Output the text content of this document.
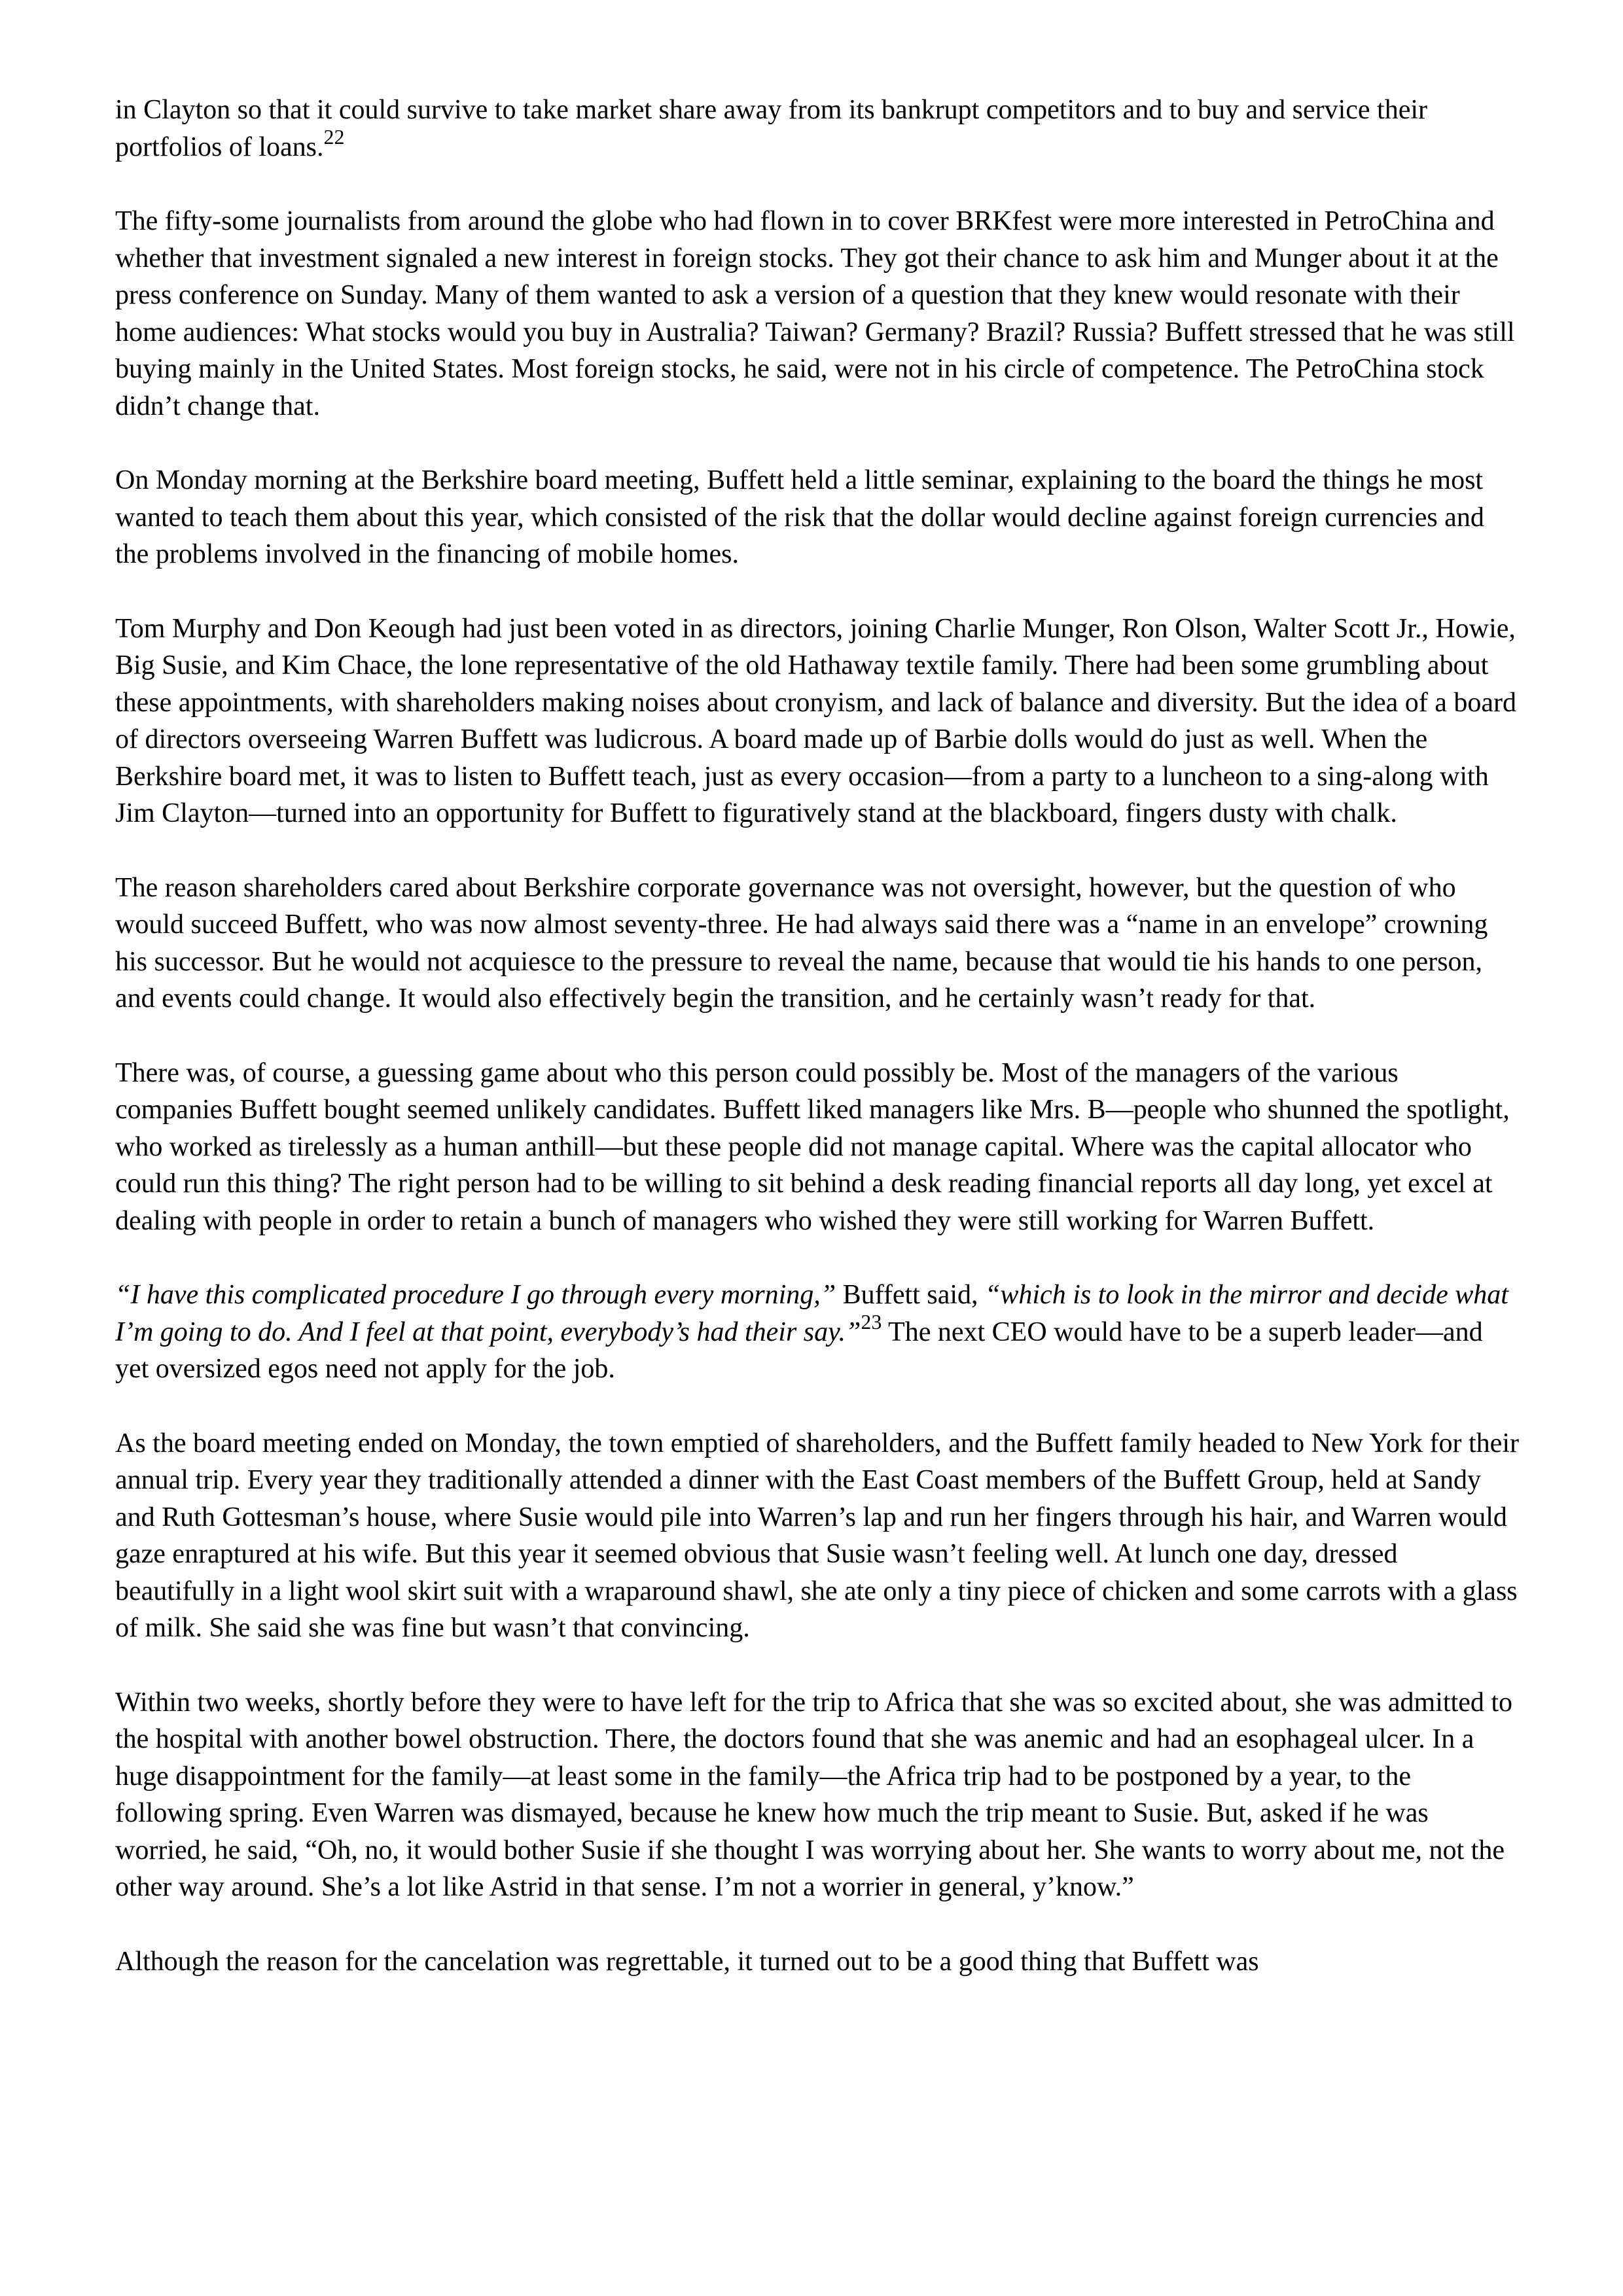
in Clayton so that it could survive to take market share away from its bankrupt competitors and to buy and service their portfolios of loans.$^{22}$

The fifty-some journalists from around the globe who had flown in to cover BRKfest were more interested in PetroChina and whether that investment signaled a new interest in foreign stocks. They got their chance to ask him and Munger about it at the press conference on Sunday. Many of them wanted to ask a version of a question that they knew would resonate with their home audiences: What stocks would you buy in Australia? Taiwan? Germany? Brazil? Russia? Buffett stressed that he was still buying mainly in the United States. Most foreign stocks, he said, were not in his circle of competence. The PetroChina stock didn’t change that.

On Monday morning at the Berkshire board meeting, Buffett held a little seminar, explaining to the board the things he most wanted to teach them about this year, which consisted of the risk that the dollar would decline against foreign currencies and the problems involved in the financing of mobile homes.

Tom Murphy and Don Keough had just been voted in as directors, joining Charlie Munger, Ron Olson, Walter Scott Jr., Howie, Big Susie, and Kim Chace, the lone representative of the old Hathaway textile family. There had been some grumbling about these appointments, with shareholders making noises about cronyism, and lack of balance and diversity. But the idea of a board of directors overseeing Warren Buffett was ludicrous. A board made up of Barbie dolls would do just as well. When the Berkshire board met, it was to listen to Buffett teach, just as every occasion—from a party to a luncheon to a sing-along with Jim Clayton—turned into an opportunity for Buffett to figuratively stand at the blackboard, fingers dusty with chalk.

The reason shareholders cared about Berkshire corporate governance was not oversight, however, but the question of who would succeed Buffett, who was now almost seventy-three. He had always said there was a “name in an envelope” crowning his successor. But he would not acquiesce to the pressure to reveal the name, because that would tie his hands to one person, and events could change. It would also effectively begin the transition, and he certainly wasn’t ready for that.

There was, of course, a guessing game about who this person could possibly be. Most of the managers of the various companies Buffett bought seemed unlikely candidates. Buffett liked managers like Mrs. B—people who shunned the spotlight, who worked as tirelessly as a human anthill—but these people did not manage capital. Where was the capital allocator who could run this thing? The right person had to be willing to sit behind a desk reading financial reports all day long, yet excel at dealing with people in order to retain a bunch of managers who wished they were still working for Warren Buffett.

“I have this complicated procedure I go through every morning,” Buffett said, “which is to look in the mirror and decide what I’m going to do. And I feel at that point, everybody’s had their say.”$^{23}$ The next CEO would have to be a superb leader—and yet oversized egos need not apply for the job.

As the board meeting ended on Monday, the town emptied of shareholders, and the Buffett family headed to New York for their annual trip. Every year they traditionally attended a dinner with the East Coast members of the Buffett Group, held at Sandy and Ruth Gottesman’s house, where Susie would pile into Warren’s lap and run her fingers through his hair, and Warren would gaze enraptured at his wife. But this year it seemed obvious that Susie wasn’t feeling well. At lunch one day, dressed beautifully in a light wool skirt suit with a wraparound shawl, she ate only a tiny piece of chicken and some carrots with a glass of milk. She said she was fine but wasn’t that convincing.

Within two weeks, shortly before they were to have left for the trip to Africa that she was so excited about, she was admitted to the hospital with another bowel obstruction. There, the doctors found that she was anemic and had an esophageal ulcer. In a huge disappointment for the family—at least some in the family—the Africa trip had to be postponed by a year, to the following spring. Even Warren was dismayed, because he knew how much the trip meant to Susie. But, asked if he was worried, he said, “Oh, no, it would bother Susie if she thought I was worrying about her. She wants to worry about me, not the other way around. She’s a lot like Astrid in that sense. I’m not a worrier in general, y’know.”

Although the reason for the cancelation was regrettable, it turned out to be a good thing that Buffett was
